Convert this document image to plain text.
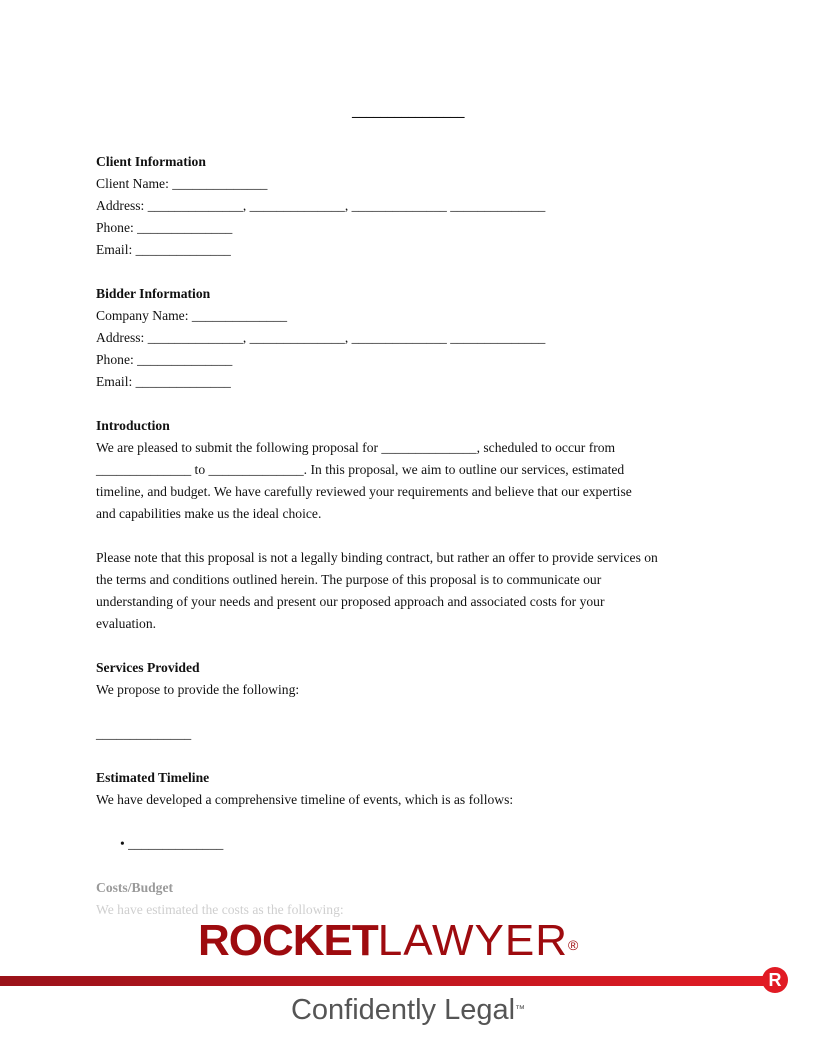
________________

Client Information

Client Name: ______________

Address: ______________, ______________, ______________ ______________

Phone: ______________

Email: ______________

Bidder Information

Company Name: ______________

Address: ______________, ______________, ______________ ______________

Phone: ______________

Email: ______________

Introduction

We are pleased to submit the following proposal for ______________, scheduled to occur from

______________ to ______________. In this proposal, we aim to outline our services, estimated

timeline, and budget. We have carefully reviewed your requirements and believe that our expertise

and capabilities make us the ideal choice.

Please note that this proposal is not a legally binding contract, but rather an offer to provide services on

the terms and conditions outlined herein. The purpose of this proposal is to communicate our

understanding of your needs and present our proposed approach and associated costs for your

evaluation.

Services Provided

We propose to provide the following:

______________

Estimated Timeline

We have developed a comprehensive timeline of events, which is as follows:

• ______________

Costs/Budget

We have estimated the costs as the following:

ROCKETLAWYER®
R
Confidently Legal™
